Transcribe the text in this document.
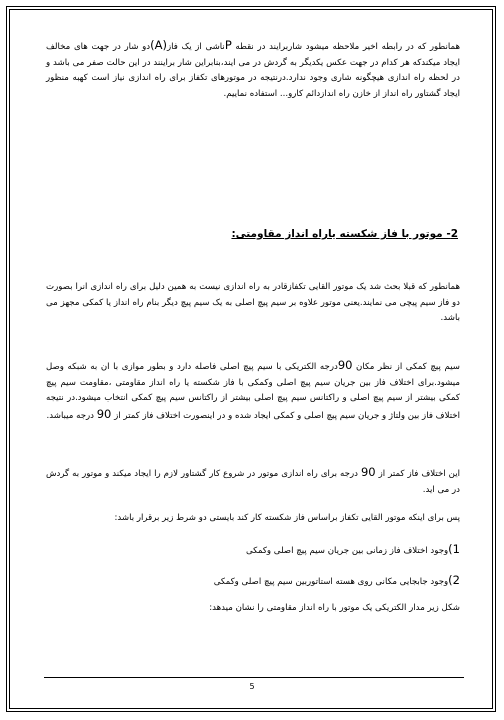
همانطور که در رابطه اخیر ملاحظه میشود شاربرایند در نقطه Pناشی از یک فاز(A)دو شار در جهت های مخالف ایجاد میکندکه هر کدام در جهت عکس یکدیگر به گردش در می ایند،بنابراین شار براینند در این حالت صفر می باشد و در لحظه راه اندازی هیچگونه شاری وجود ندارد.درنتیجه در موتورهای تکفاز برای راه اندازی نیاز است کهبه منظور ایجاد گشتاور راه انداز از خازن راه اندازدائم کارو... استفاده نماییم.

2- موتور با فاز شکسته یاراه انداز مقاومتی:

همانطور که قبلا بحث شد یک موتور القایی تکفازقادر به راه اندازی نیست به همین دلیل برای راه اندازی انرا بصورت دو فاز سیم پیچی می نمایند.یعنی موتور علاوه بر سیم پیچ اصلی به یک سیم پیچ دیگر بنام راه انداز یا کمکی مجهز می باشد.

سیم پیچ کمکی از نظر مکان 90درجه الکتریکی با سیم پیچ اصلی فاصله دارد و بطور موازی با ان به شبکه وصل میشود.برای اختلاف فاز بین جریان سیم پیچ اصلی وکمکی با فاز شکسته یا راه انداز مقاومتی ،مقاومت سیم پیچ کمکی بیشتر از سیم پیچ اصلی و راکتانس سیم پیچ اصلی بیشتر از راکتانس سیم پیچ کمکی انتخاب میشود.در نتیجه اختلاف فاز بین ولتاژ و جریان سیم پیچ اصلی و کمکی ایجاد شده و در اینصورت اختلاف فاز کمتر از 90 درجه میباشد.

این اختلاف فاز کمتر از 90 درجه برای راه اندازی موتور در شروع کار گشتاور لازم را ایجاد میکند و موتور به گردش در می اید.

پس برای اینکه موتور القایی تکفاز براساس فاز شکسته کار کند بایستی دو شرط زیر برقرار باشد:

1)وجود اختلاف فاز زمانی بین جریان سیم پیچ اصلی وکمکی

2)وجود جابجایی مکانی روی هسته استاتوربین سیم پیچ اصلی وکمکی

شکل زیر مدار الکتریکی یک موتور با راه انداز مقاومتی را نشان میدهد:

5
